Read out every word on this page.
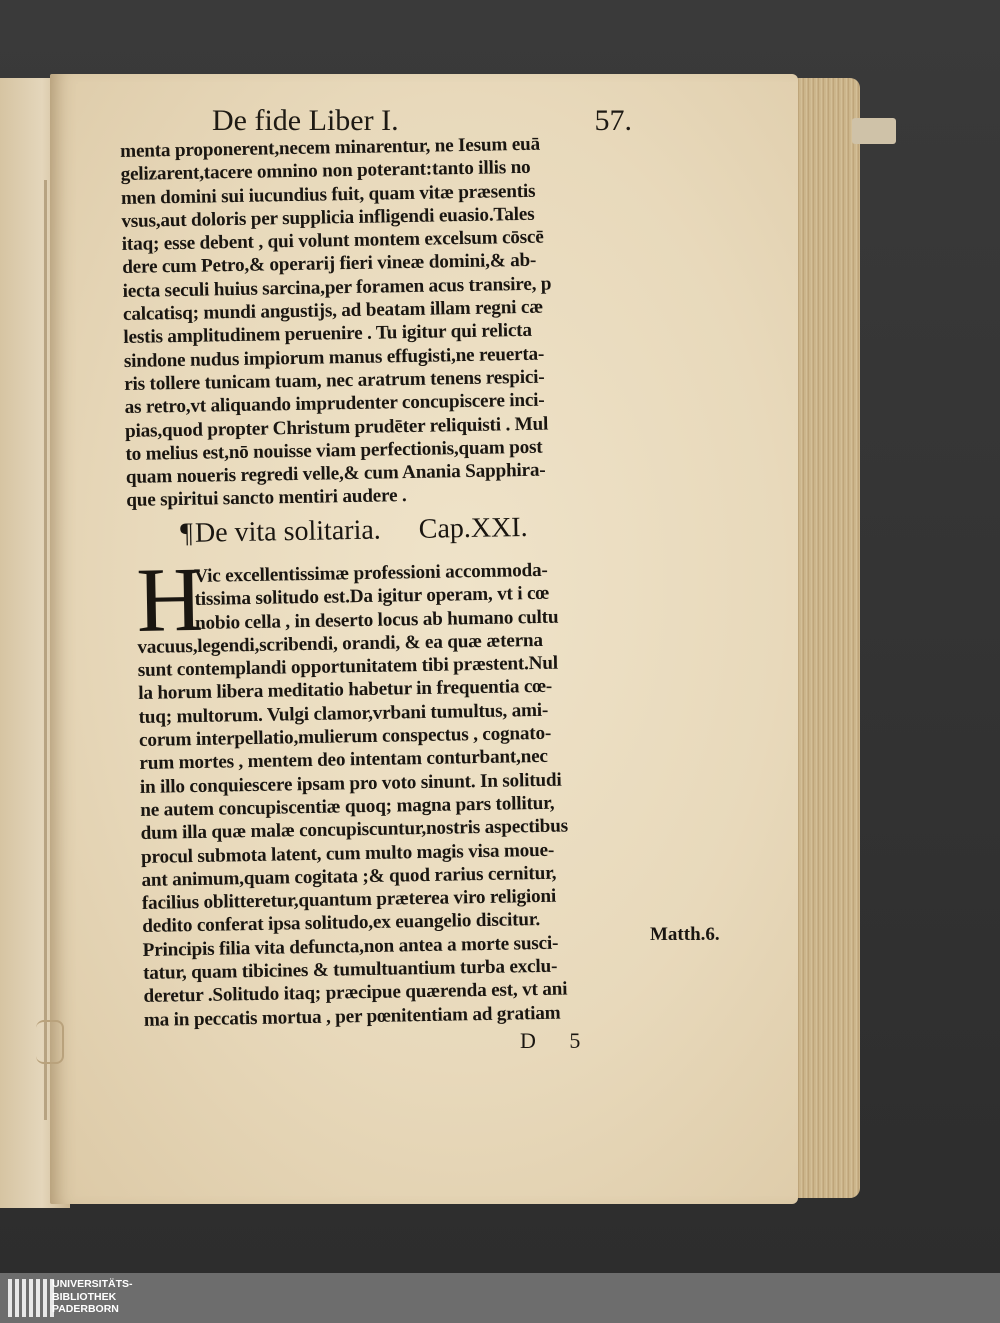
De fide Liber I.	57.
menta proponerent,necem minarentur, ne Iesum euā
gelizarent,tacere omnino non poterant:tanto illis no
men domini sui iucundius fuit, quam vitæ præsentis
vsus,aut doloris per supplicia infligendi euasio.Tales
itaq; esse debent , qui volunt montem excelsum cōscē
dere cum Petro,& operarij fieri vineæ domini,& ab-
iecta seculi huius sarcina,per foramen acus transire, p
calcatisq; mundi angustijs, ad beatam illam regni cæ
lestis amplitudinem peruenire . Tu igitur qui relicta
sindone nudus impiorum manus effugisti,ne reuerta-
ris tollere tunicam tuam, nec aratrum tenens respici-
as retro,vt aliquando imprudenter concupiscere inci-
pias,quod propter Christum prudēter reliquisti . Mul
to melius est,nō nouisse viam perfectionis,quam post
quam noueris regredi velle,& cum Anania Sapphira-
que spiritui sancto mentiri audere .
¶De vita solitaria. Cap.XXI.
H
Vic excellentissimæ professioni accommoda-
tissima solitudo est.Da igitur operam, vt i cœ
nobio cella , in deserto locus ab humano cultu
vacuus,legendi,scribendi, orandi, & ea quæ æterna
sunt contemplandi opportunitatem tibi præstent.Nul
la horum libera meditatio habetur in frequentia cœ-
tuq; multorum. Vulgi clamor,vrbani tumultus, ami-
corum interpellatio,mulierum conspectus , cognato-
rum mortes , mentem deo intentam conturbant,nec
in illo conquiescere ipsam pro voto sinunt. In solitudi
ne autem concupiscentiæ quoq; magna pars tollitur,
dum illa quæ malæ concupiscuntur,nostris aspectibus
procul submota latent, cum multo magis visa moue-
ant animum,quam cogitata ;& quod rarius cernitur,
facilius oblitteretur,quantum præterea viro religioni
dedito conferat ipsa solitudo,ex euangelio discitur.
Principis filia vita defuncta,non antea a morte susci-
tatur, quam tibicines & tumultuantium turba exclu-
deretur .Solitudo itaq; præcipue quærenda est, vt ani
ma in peccatis mortua , per pœnitentiam ad gratiam
Matth.6.
D 5
UNIVERSITÄTS-
BIBLIOTHEK
PADERBORN
